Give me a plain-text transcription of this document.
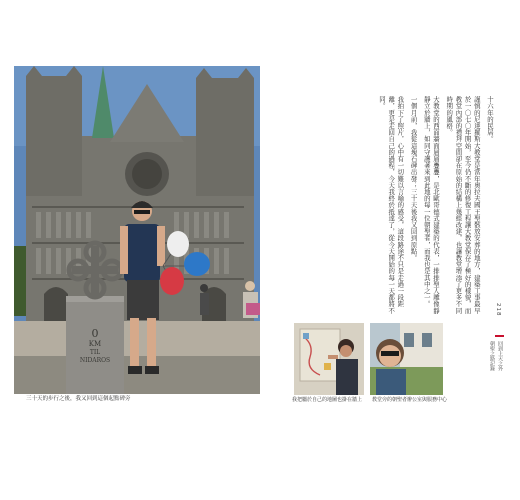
0
KM
TIL
NIDAROS
三十天的步行之後，我又回到這個起點碑旁

十六年的民居。

謹慎的尼達羅斯大教堂是當年奧拉夫國王聖骸放安葬的地方，建築工事最早於一〇七〇年開始，至今仍不斷的修復工程讓大教堂保存了極好的樣貌，而教堂內部的禮拜空間卻在原始的結構上幾經改建，也讓教堂增添了更多不同時期的風格。

大教堂的西面牆面層層疊疊，是北歐哥德式建築的代表，一排排聖人雕像靜靜立於牆上，如同守護著來到此地的每一位朝聖者，而我也是其中之一。

一個月前，我從這塊石碑出發；三十天後我又回到原點。

我拍下了照片，心中有一切難以言喻的感受，這段路途不只是走過一段距離，更是走回自己的過程，今天我終於抵達了，從今天開始的每一天都將不同。

我把屬於自己的地圖也掛在牆上	教堂旁的朝聖者辦公室與服務中心
218
回到上天之外
朝聖之路記錄
